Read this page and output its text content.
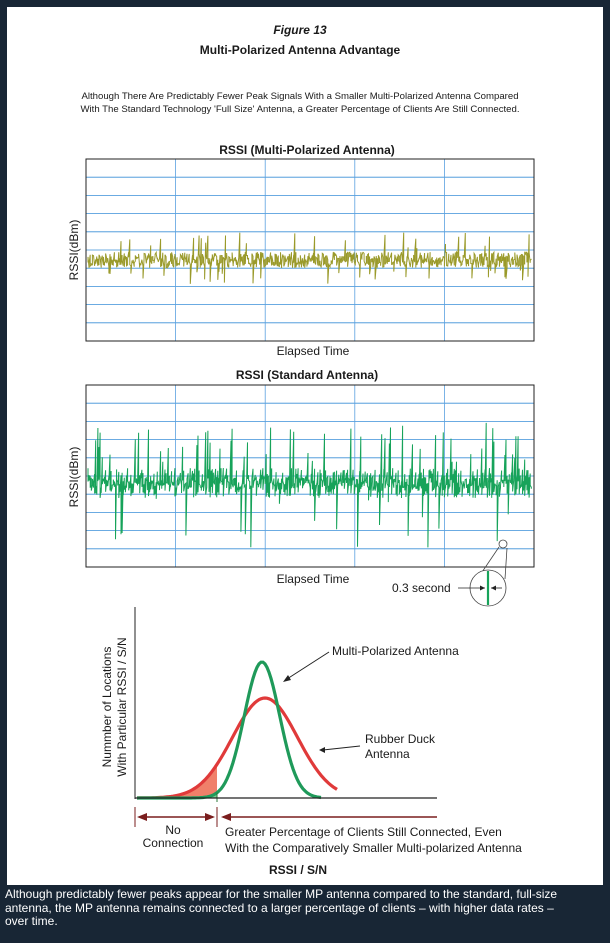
Figure 13
Multi-Polarized Antenna Advantage
Although There Are Predictably Fewer Peak Signals With a Smaller Multi-Polarized Antenna Compared
With The Standard Technology 'Full Size' Antenna, a Greater Percentage of Clients Are Still Connected.
RSSI (Multi-Polarized Antenna)
Elapsed Time
RSSI(dBm)
RSSI (Standard Antenna)
Elapsed Time
RSSI(dBm)
0.3 second
Multi-Polarized Antenna
Rubber Duck
Antenna
No
Connection
Greater Percentage of Clients Still Connected, Even
With the Comparatively Smaller Multi-polarized Antenna
RSSI / S/N
Nummber of Locations With Particular RSSI / S/N
Although predictably fewer peaks appear for the smaller MP antenna compared to the standard, full-size
antenna, the MP antenna remains connected to a larger percentage of clients – with higher data rates –
over time.
